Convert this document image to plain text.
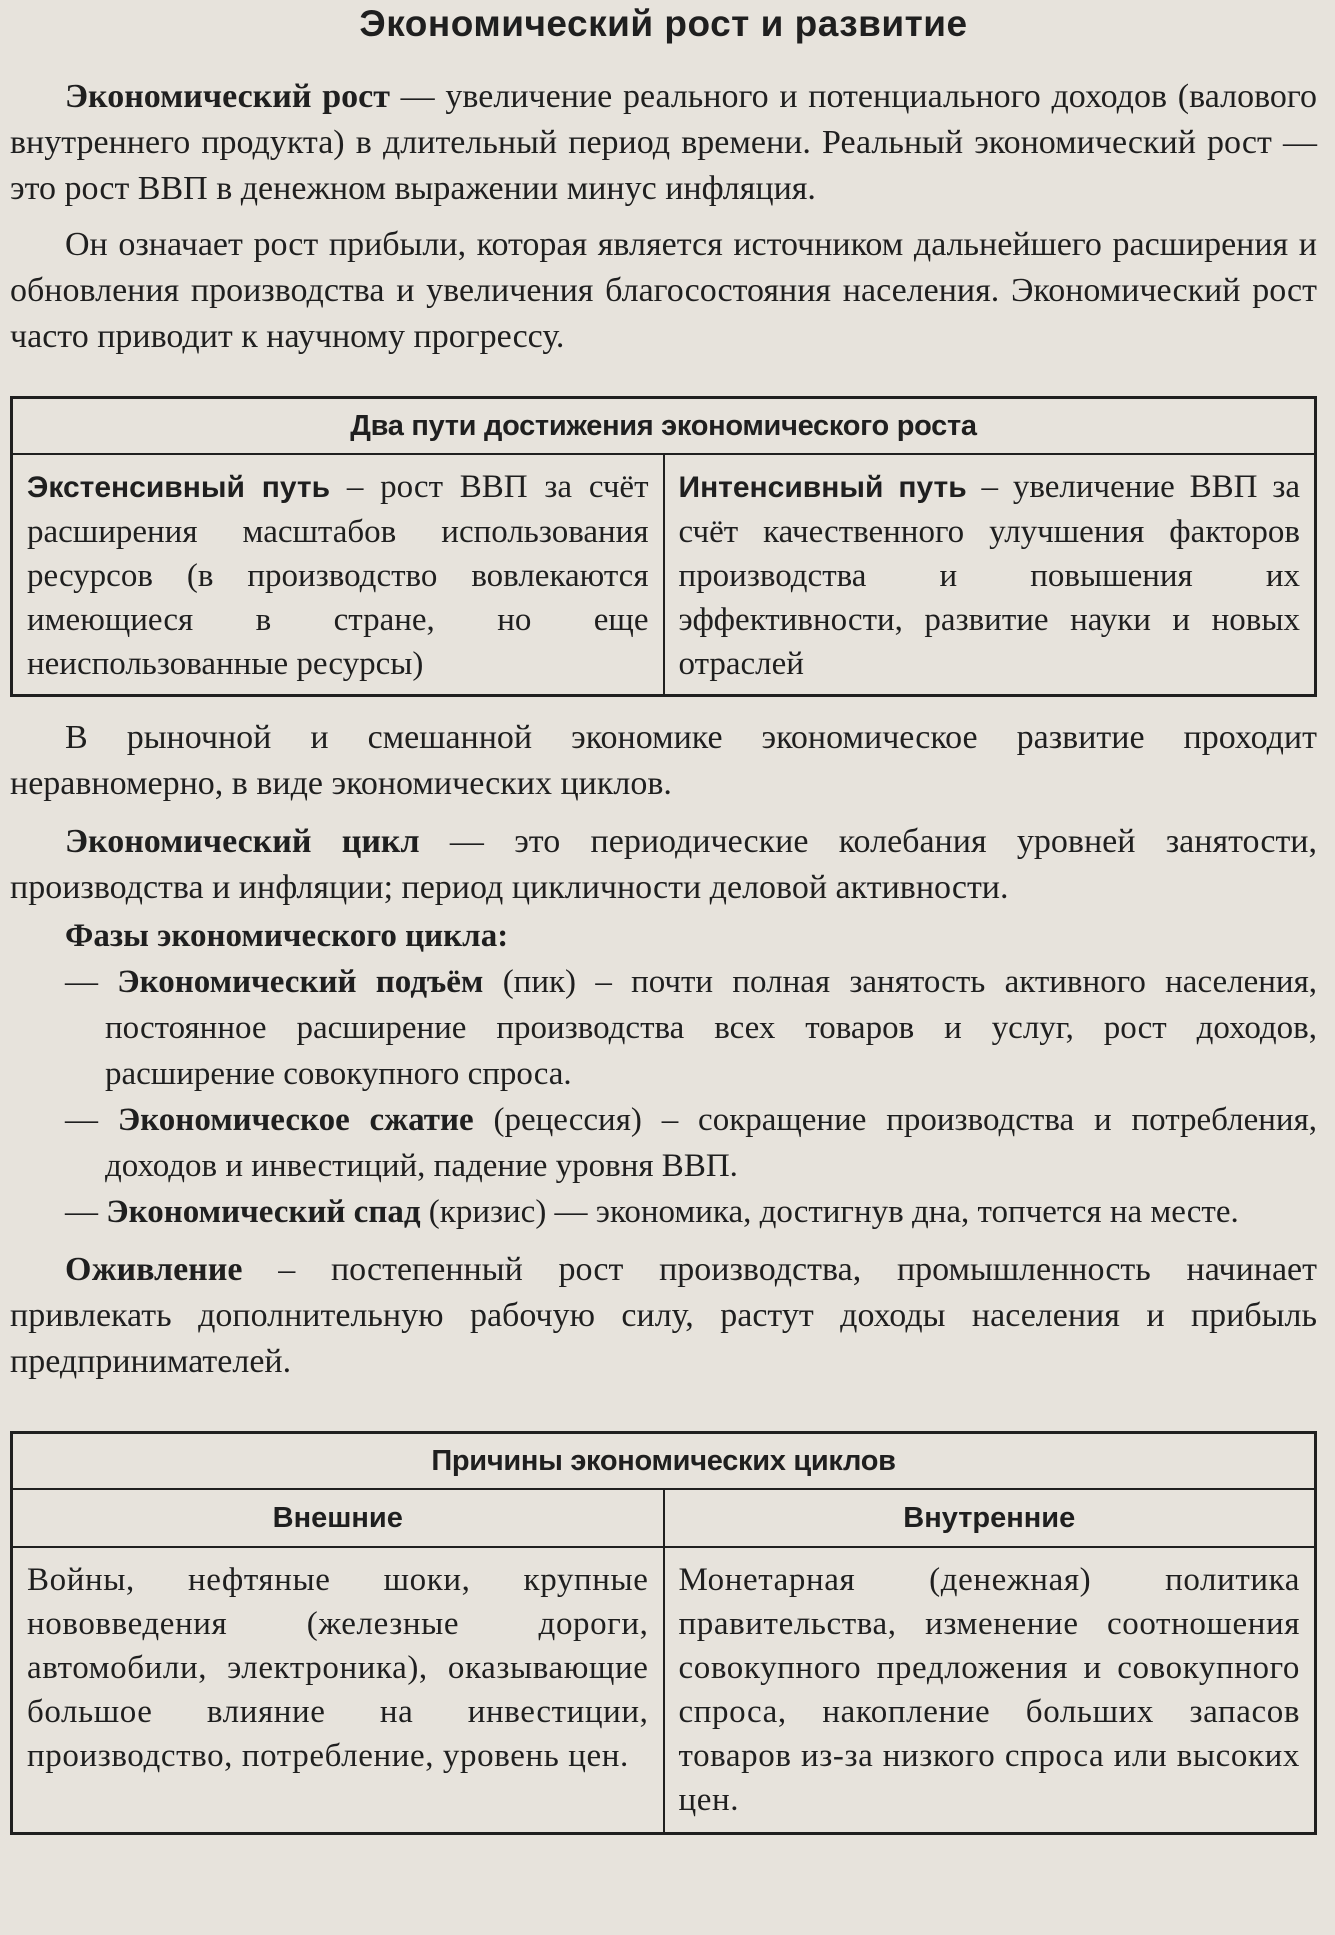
Экономический рост и развитие

Экономический рост — увеличение реального и потенциального доходов (валового внутреннего продукта) в длительный период времени. Реальный экономический рост — это рост ВВП в денежном выражении минус инфляция.

Он означает рост прибыли, которая является источником дальнейшего расширения и обновления производства и увеличения благосостояния населения. Экономический рост часто приводит к научному прогрессу.

Два пути достижения экономического роста
Экстенсивный путь – рост ВВП за счёт расширения масштабов использования ресурсов (в производство вовлекаются имеющиеся в стране, но еще неиспользованные ресурсы)	Интенсивный путь – увеличение ВВП за счёт качественного улучшения факторов производства и повышения их эффективности, развитие науки и новых отраслей

В рыночной и смешанной экономике экономическое развитие проходит неравномерно, в виде экономических циклов.

Экономический цикл — это периодические колебания уровней занятости, производства и инфляции; период цикличности деловой активности.

Фазы экономического цикла:

— Экономический подъём (пик) – почти полная занятость активного населения, постоянное расширение производства всех товаров и услуг, рост доходов, расширение совокупного спроса.

— Экономическое сжатие (рецессия) – сокращение производства и потребления, доходов и инвестиций, падение уровня ВВП.

— Экономический спад (кризис) — экономика, достигнув дна, топчется на месте.

Оживление – постепенный рост производства, промышленность начинает привлекать дополнительную рабочую силу, растут доходы населения и прибыль предпринимателей.

Причины экономических циклов	
Внешние	Внутренние
Войны, нефтяные шоки, крупные нововведения (железные дороги, автомобили, электроника), оказывающие большое влияние на инвестиции, производство, потребление, уровень цен.	Монетарная (денежная) политика правительства, изменение соотношения совокупного предложения и совокупного спроса, накопление больших запасов товаров из-за низкого спроса или высоких цен.
